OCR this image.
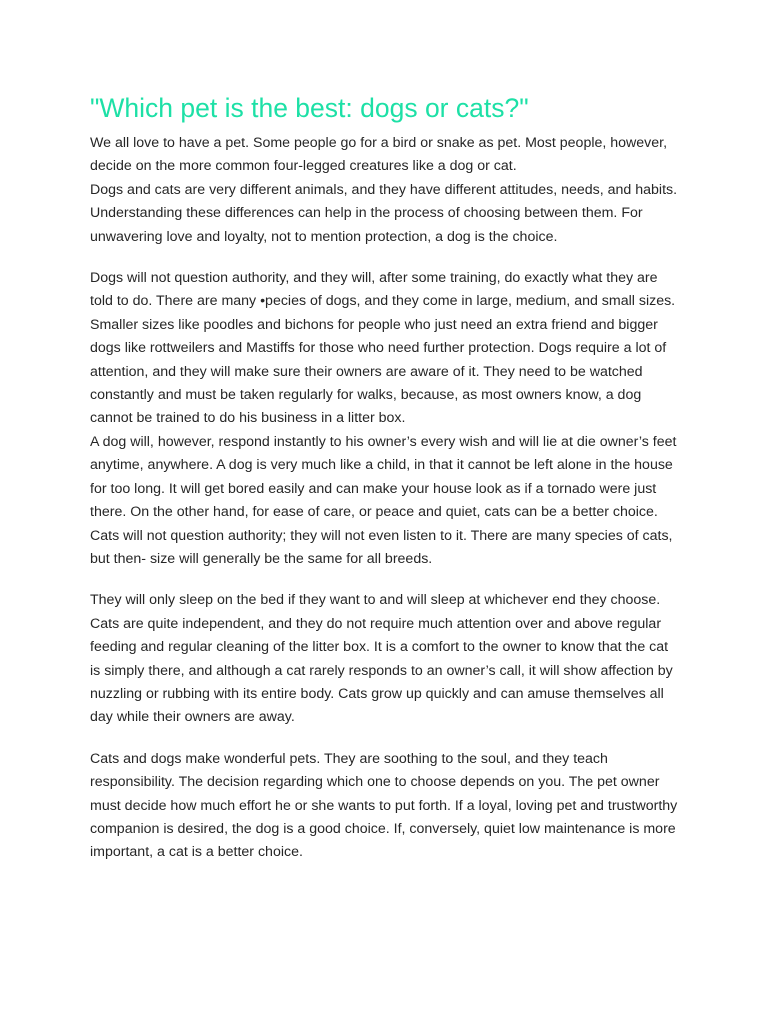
"Which pet is the best: dogs or cats?"

We all love to have a pet. Some people go for a bird or snake as pet. Most people, however, decide on the more common four-legged creatures like a dog or cat.

Dogs and cats are very different animals, and they have different attitudes, needs, and habits. Understanding these differences can help in the process of choosing between them. For unwavering love and loyalty, not to mention protection, a dog is the choice.

Dogs will not question authority, and they will, after some training, do exactly what they are told to do. There are many •pecies of dogs, and they come in large, medium, and small sizes. Smaller sizes like poodles and bichons for people who just need an extra friend and bigger dogs like rottweilers and Mastiffs for those who need further protection. Dogs require a lot of attention, and they will make sure their owners are aware of it. They need to be watched constantly and must be taken regularly for walks, because, as most owners know, a dog cannot be trained to do his business in a litter box.

A dog will, however, respond instantly to his owner’s every wish and will lie at die owner’s feet anytime, anywhere. A dog is very much like a child, in that it cannot be left alone in the house for too long. It will get bored easily and can make your house look as if a tornado were just there. On the other hand, for ease of care, or peace and quiet, cats can be a better choice. Cats will not question authority; they will not even listen to it. There are many species of cats, but then- size will generally be the same for all breeds.

They will only sleep on the bed if they want to and will sleep at whichever end they choose. Cats are quite independent, and they do not require much attention over and above regular feeding and regular cleaning of the litter box. It is a comfort to the owner to know that the cat is simply there, and although a cat rarely responds to an owner’s call, it will show affection by nuzzling or rubbing with its entire body. Cats grow up quickly and can amuse themselves all day while their owners are away.

Cats and dogs make wonderful pets. They are soothing to the soul, and they teach responsibility. The decision regarding which one to choose depends on you. The pet owner must decide how much effort he or she wants to put forth. If a loyal, loving pet and trustworthy companion is desired, the dog is a good choice. If, conversely, quiet low maintenance is more important, a cat is a better choice.
